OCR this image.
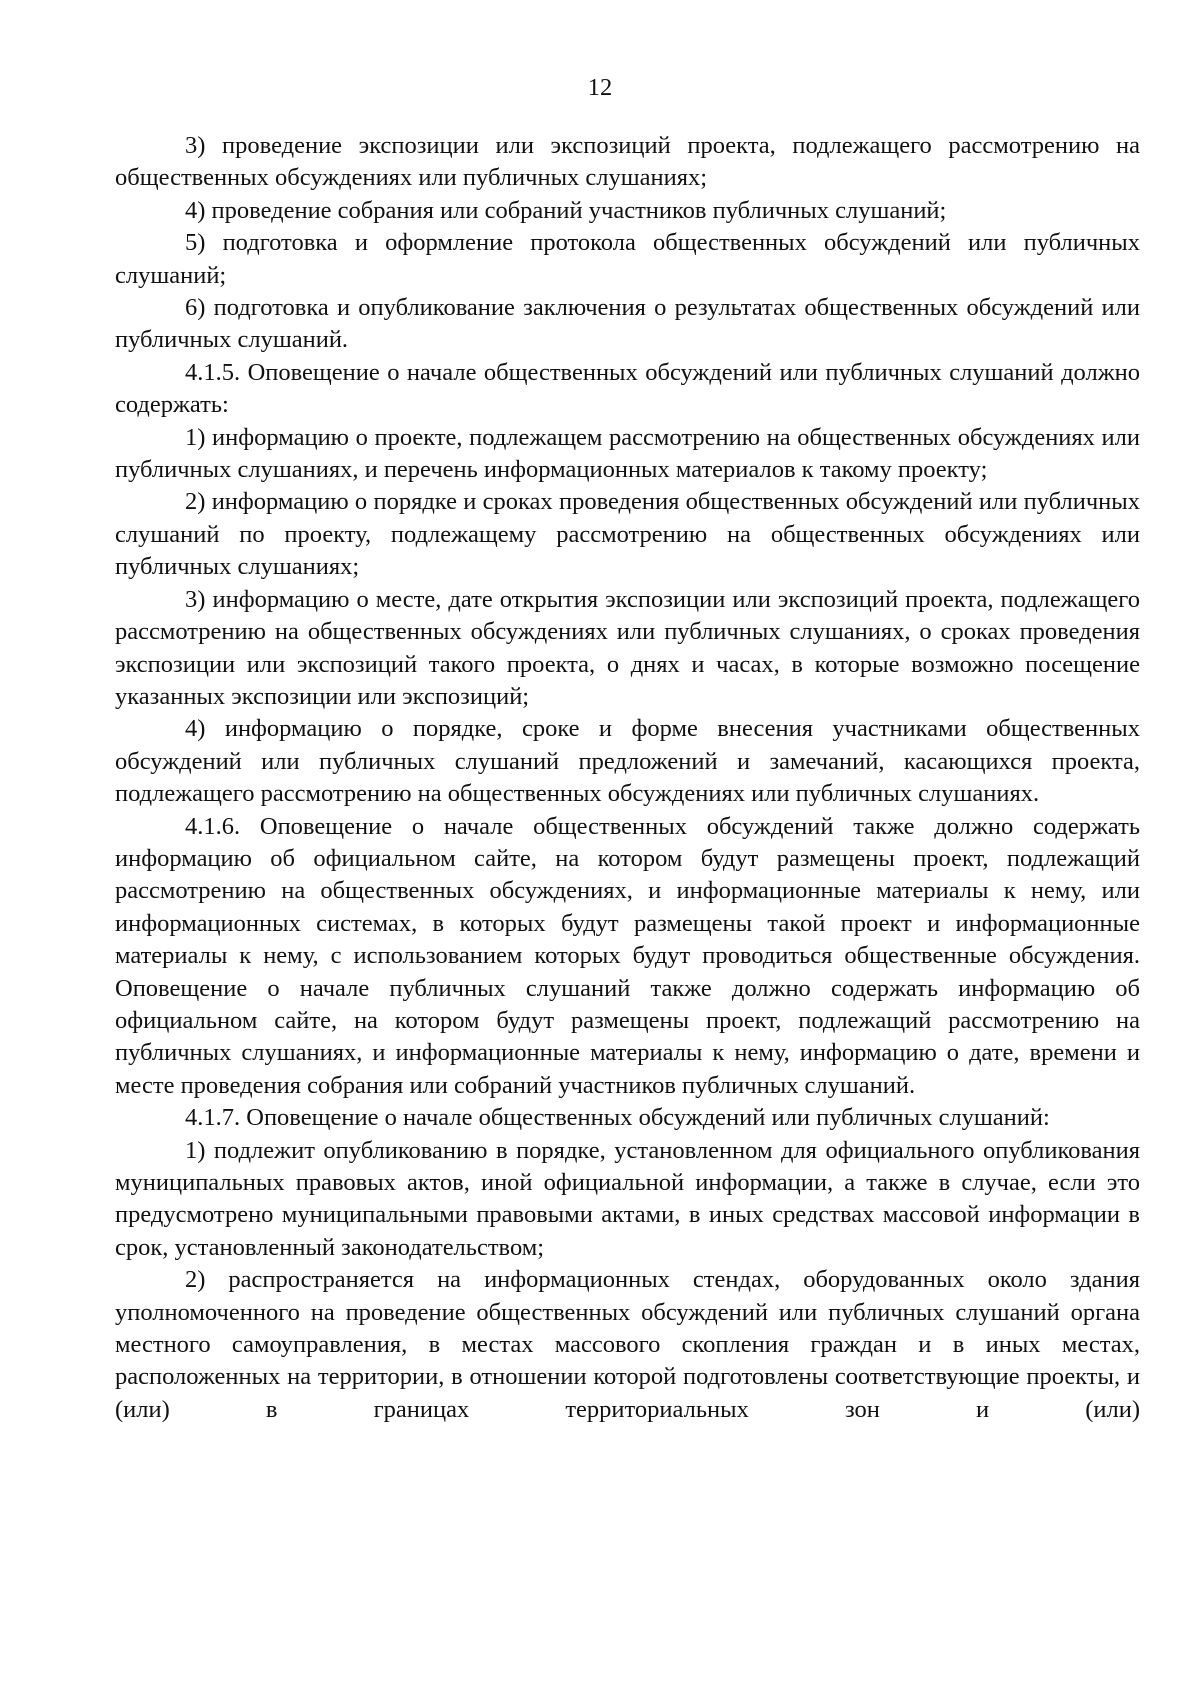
12

3) проведение экспозиции или экспозиций проекта, подлежащего рассмотрению на общественных обсуждениях или публичных слушаниях;

4) проведение собрания или собраний участников публичных слушаний;

5) подготовка и оформление протокола общественных обсуждений или публичных слушаний;

6) подготовка и опубликование заключения о результатах общественных обсуждений или публичных слушаний.

4.1.5. Оповещение о начале общественных обсуждений или публичных слушаний должно содержать:

1) информацию о проекте, подлежащем рассмотрению на общественных обсуждениях или публичных слушаниях, и перечень информационных материалов к такому проекту;

2) информацию о порядке и сроках проведения общественных обсуждений или публичных слушаний по проекту, подлежащему рассмотрению на общественных обсуждениях или публичных слушаниях;

3) информацию о месте, дате открытия экспозиции или экспозиций проекта, подлежащего рассмотрению на общественных обсуждениях или публичных слушаниях, о сроках проведения экспозиции или экспозиций такого проекта, о днях и часах, в которые возможно посещение указанных экспозиции или экспозиций;

4) информацию о порядке, сроке и форме внесения участниками общественных обсуждений или публичных слушаний предложений и замечаний, касающихся проекта, подлежащего рассмотрению на общественных обсуждениях или публичных слушаниях.

4.1.6. Оповещение о начале общественных обсуждений также должно содержать информацию об официальном сайте, на котором будут размещены проект, подлежащий рассмотрению на общественных обсуждениях, и информационные материалы к нему, или информационных системах, в которых будут размещены такой проект и информационные материалы к нему, с использованием которых будут проводиться общественные обсуждения. Оповещение о начале публичных слушаний также должно содержать информацию об официальном сайте, на котором будут размещены проект, подлежащий рассмотрению на публичных слушаниях, и информационные материалы к нему, информацию о дате, времени и месте проведения собрания или собраний участников публичных слушаний.

4.1.7. Оповещение о начале общественных обсуждений или публичных слушаний:

1) подлежит опубликованию в порядке, установленном для официального опубликования муниципальных правовых актов, иной официальной информации, а также в случае, если это предусмотрено муниципальными правовыми актами, в иных средствах массовой информации в срок, установленный законодательством;

2) распространяется на информационных стендах, оборудованных около здания уполномоченного на проведение общественных обсуждений или публичных слушаний органа местного самоуправления, в местах массового скопления граждан и в иных местах, расположенных на территории, в отношении которой подготовлены соответствующие проекты, и (или) в границах территориальных зон и (или)
